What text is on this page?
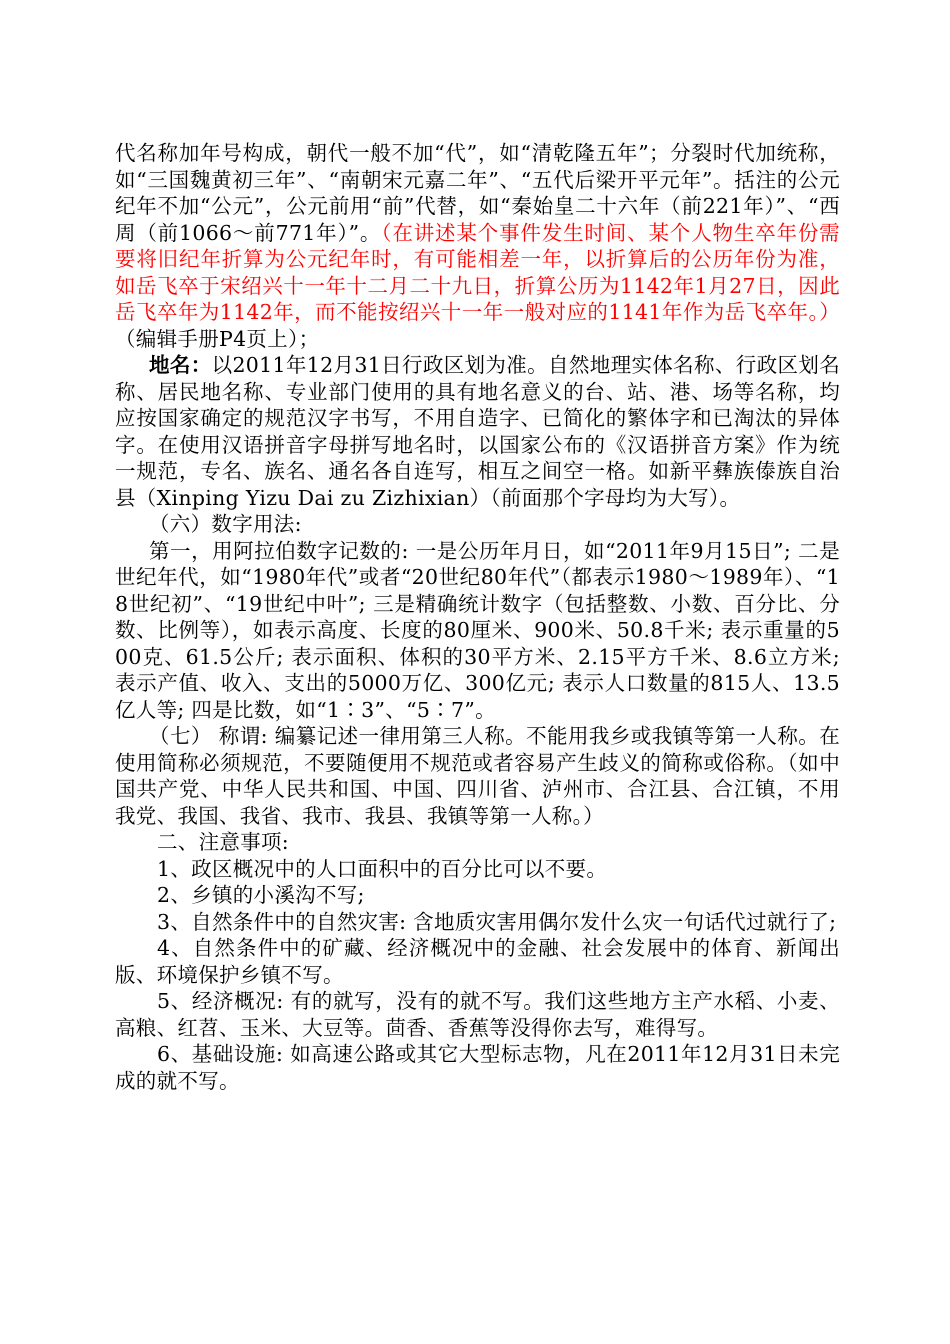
代名称加年号构成，朝代一般不加“代”，如“清乾隆五年”；分裂时代加统称，如“三国魏黄初三年”、“南朝宋元嘉二年”、“五代后梁开平元年”。括注的公元纪年不加“公元”，公元前用“前”代替，如“秦始皇二十六年（前221年）”、“西周（前1066～前771年）”。（在讲述某个事件发生时间、某个人物生卒年份需要将旧纪年折算为公元纪年时，有可能相差一年，以折算后的公历年份为准，如岳飞卒于宋绍兴十一年十二月二十九日，折算公历为1142年1月27日，因此岳飞卒年为1142年，而不能按绍兴十一年一般对应的1141年作为岳飞卒年。）（编辑手册P4页上）；

地名：以2011年12月31日行政区划为准。自然地理实体名称、行政区划名称、居民地名称、专业部门使用的具有地名意义的台、站、港、场等名称，均应按国家确定的规范汉字书写，不用自造字、已简化的繁体字和已淘汰的异体字。在使用汉语拼音字母拼写地名时，以国家公布的《汉语拼音方案》作为统一规范，专名、族名、通名各自连写，相互之间空一格。如新平彝族傣族自治县（Xinping Yizu Dai zu Zizhixian）（前面那个字母均为大写）。

（六）数字用法:

第一，用阿拉伯数字记数的: 一是公历年月日，如“2011年9月15日”; 二是世纪年代，如“1980年代”或者“20世纪80年代”（都表示1980～1989年）、“18世纪初”、“19世纪中叶”; 三是精确统计数字（包括整数、小数、百分比、分数、比例等），如表示高度、长度的80厘米、900米、50.8千米; 表示重量的500克、61.5公斤; 表示面积、体积的30平方米、2.15平方千米、8.6立方米; 表示产值、收入、支出的5000万亿、300亿元; 表示人口数量的815人、13.5亿人等; 四是比数，如“1∶3”、“5∶7”。

（七） 称谓: 编纂记述一律用第三人称。不能用我乡或我镇等第一人称。在使用简称必须规范，不要随便用不规范或者容易产生歧义的简称或俗称。（如中国共产党、中华人民共和国、中国、四川省、泸州市、合江县、合江镇，不用我党、我国、我省、我市、我县、我镇等第一人称。）

二、注意事项:

1、政区概况中的人口面积中的百分比可以不要。

2、乡镇的小溪沟不写;

3、自然条件中的自然灾害: 含地质灾害用偶尔发什么灾一句话代过就行了;

4、自然条件中的矿藏、经济概况中的金融、社会发展中的体育、新闻出版、环境保护乡镇不写。

5、经济概况: 有的就写，没有的就不写。我们这些地方主产水稻、小麦、高粮、红苕、玉米、大豆等。茴香、香蕉等没得你去写，难得写。

6、基础设施: 如高速公路或其它大型标志物，凡在2011年12月31日未完成的就不写。
